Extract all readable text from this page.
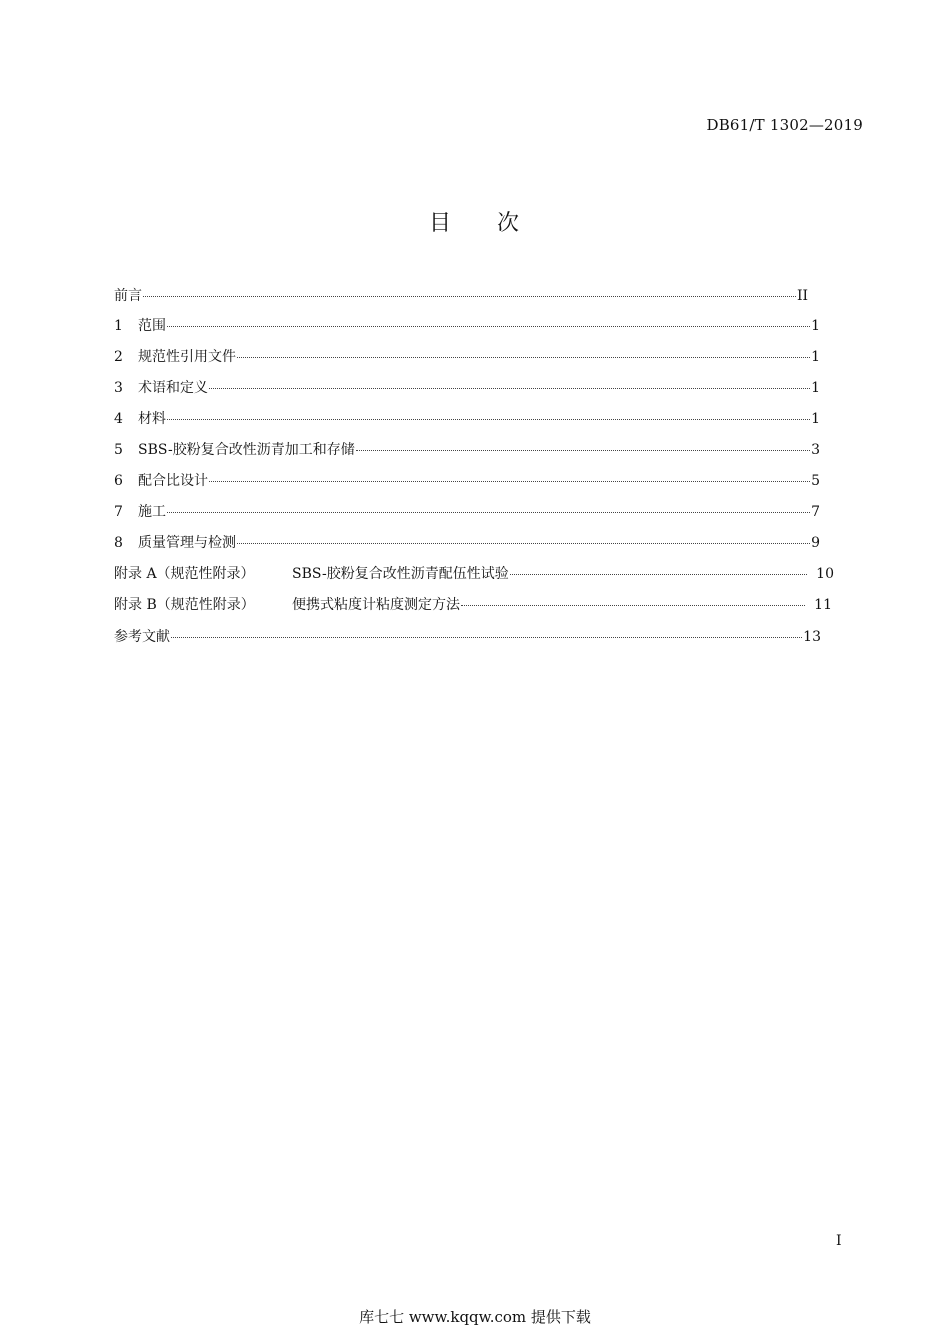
DB61/T 1302—2019
目 次
前言	II
1	范围	1
2	规范性引用文件	1
3	术语和定义	1
4	材料	1
5	SBS-胶粉复合改性沥青加工和存储	3
6	配合比设计	5
7	施工	7
8	质量管理与检测	9
附录 A（规范性附录）	SBS-胶粉复合改性沥青配伍性试验	10
附录 B（规范性附录）	便携式粘度计粘度测定方法	11
参考文献	13
I
库七七 www.kqqw.com 提供下载
